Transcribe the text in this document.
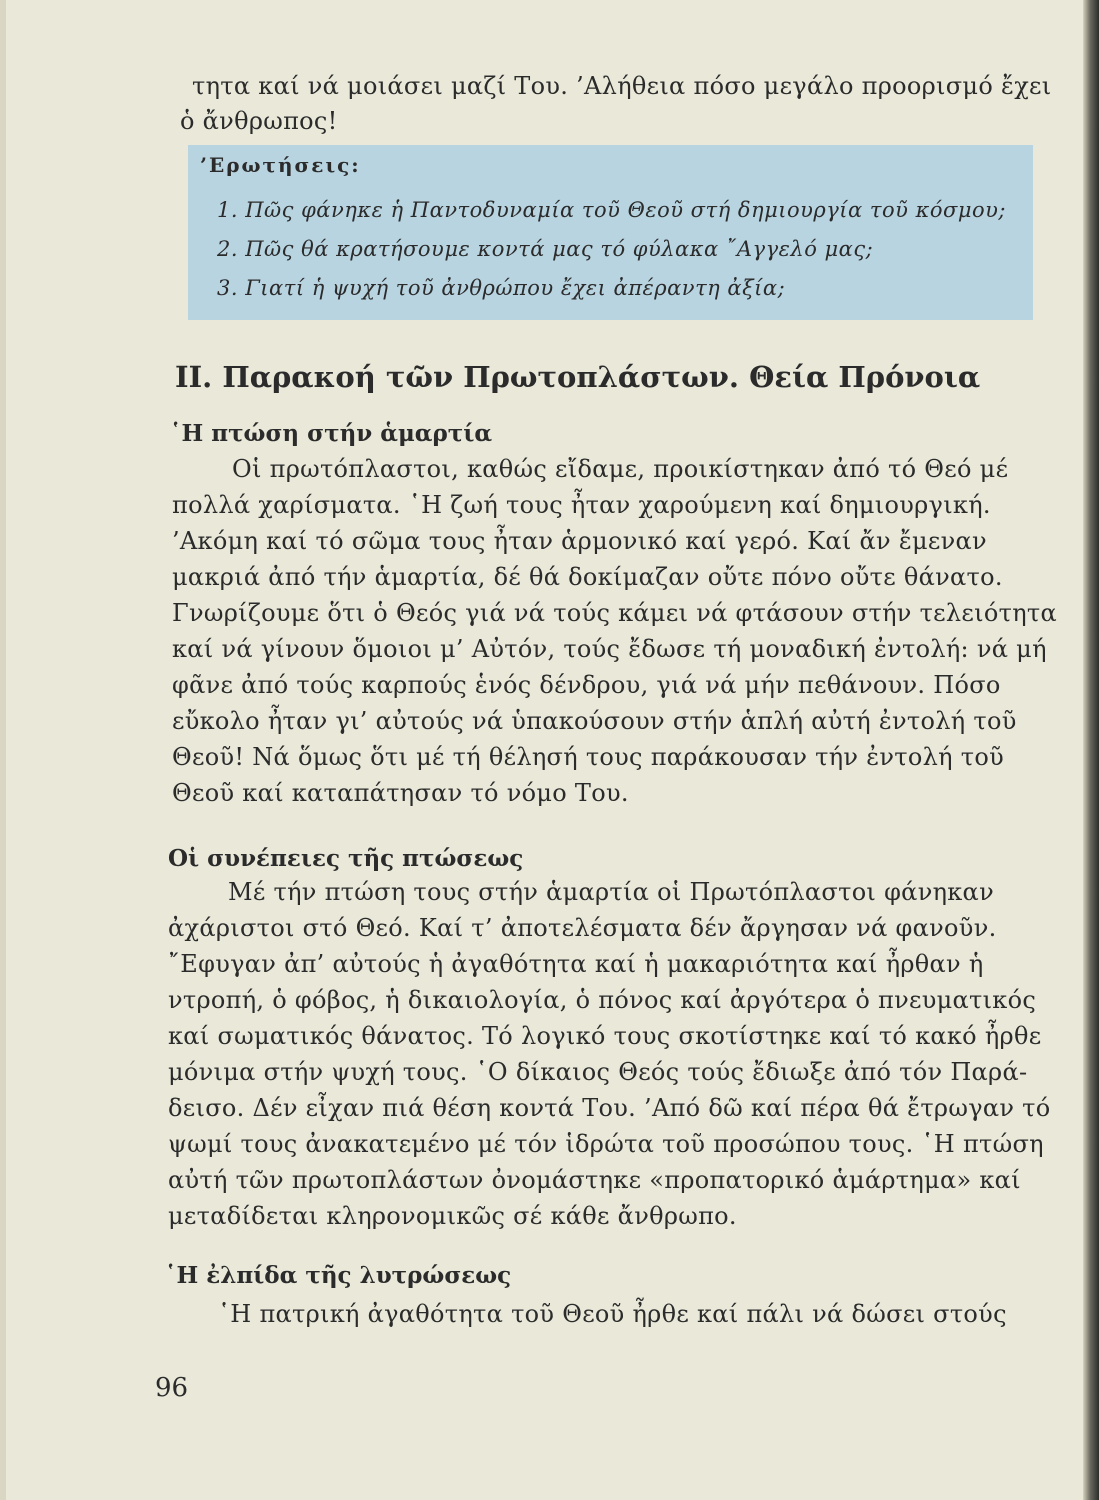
τητα καί νά μοιάσει μαζί Του. ’Αλήθεια πόσο μεγάλο προορισμό ἔχει
ὁ ἄνθρωπος!
’Ερωτήσεις:
1. Πῶς φάνηκε ἡ Παντοδυναμία τοῦ Θεοῦ στή δημιουργία τοῦ κόσμου;
2. Πῶς θά κρατήσουμε κοντά μας τό φύλακα ῎Αγγελό μας;
3. Γιατί ἡ ψυχή τοῦ ἀνθρώπου ἔχει ἀπέραντη ἀξία;
ΙΙ. Παρακοή τῶν Πρωτοπλάστων. Θεία Πρόνοια
῾Η πτώση στήν ἁμαρτία
Οἱ πρωτόπλαστοι, καθώς εἴδαμε, προικίστηκαν ἀπό τό Θεό μέ
πολλά χαρίσματα. ῾Η ζωή τους ἦταν χαρούμενη καί δημιουργική.
’Ακόμη καί τό σῶμα τους ἦταν ἁρμονικό καί γερό. Καί ἄν ἔμεναν
μακριά ἀπό τήν ἁμαρτία, δέ θά δοκίμαζαν οὔτε πόνο οὔτε θάνατο.
Γνωρίζουμε ὅτι ὁ Θεός γιά νά τούς κάμει νά φτάσουν στήν τελειότητα
καί νά γίνουν ὅμοιοι μ’ Αὐτόν, τούς ἔδωσε τή μοναδική ἐντολή: νά μή
φᾶνε ἀπό τούς καρπούς ἑνός δένδρου, γιά νά μήν πεθάνουν. Πόσο
εὔκολο ἦταν γι’ αὐτούς νά ὑπακούσουν στήν ἁπλή αὐτή ἐντολή τοῦ
Θεοῦ! Νά ὅμως ὅτι μέ τή θέλησή τους παράκουσαν τήν ἐντολή τοῦ
Θεοῦ καί καταπάτησαν τό νόμο Του.
Οἱ συνέπειες τῆς πτώσεως
Μέ τήν πτώση τους στήν ἁμαρτία οἱ Πρωτόπλαστοι φάνηκαν
ἀχάριστοι στό Θεό. Καί τ’ ἀποτελέσματα δέν ἄργησαν νά φανοῦν.
῎Εφυγαν ἀπ’ αὐτούς ἡ ἀγαθότητα καί ἡ μακαριότητα καί ἦρθαν ἡ
ντροπή, ὁ φόβος, ἡ δικαιολογία, ὁ πόνος καί ἀργότερα ὁ πνευματικός
καί σωματικός θάνατος. Τό λογικό τους σκοτίστηκε καί τό κακό ἦρθε
μόνιμα στήν ψυχή τους. ῾Ο δίκαιος Θεός τούς ἔδιωξε ἀπό τόν Παρά-
δεισο. Δέν εἶχαν πιά θέση κοντά Του. ’Από δῶ καί πέρα θά ἔτρωγαν τό
ψωμί τους ἀνακατεμένο μέ τόν ἱδρώτα τοῦ προσώπου τους. ῾Η πτώση
αὐτή τῶν πρωτοπλάστων ὀνομάστηκε «προπατορικό ἁμάρτημα» καί
μεταδίδεται κληρονομικῶς σέ κάθε ἄνθρωπο.
῾Η ἐλπίδα τῆς λυτρώσεως
῾Η πατρική ἀγαθότητα τοῦ Θεοῦ ἦρθε καί πάλι νά δώσει στούς
96
